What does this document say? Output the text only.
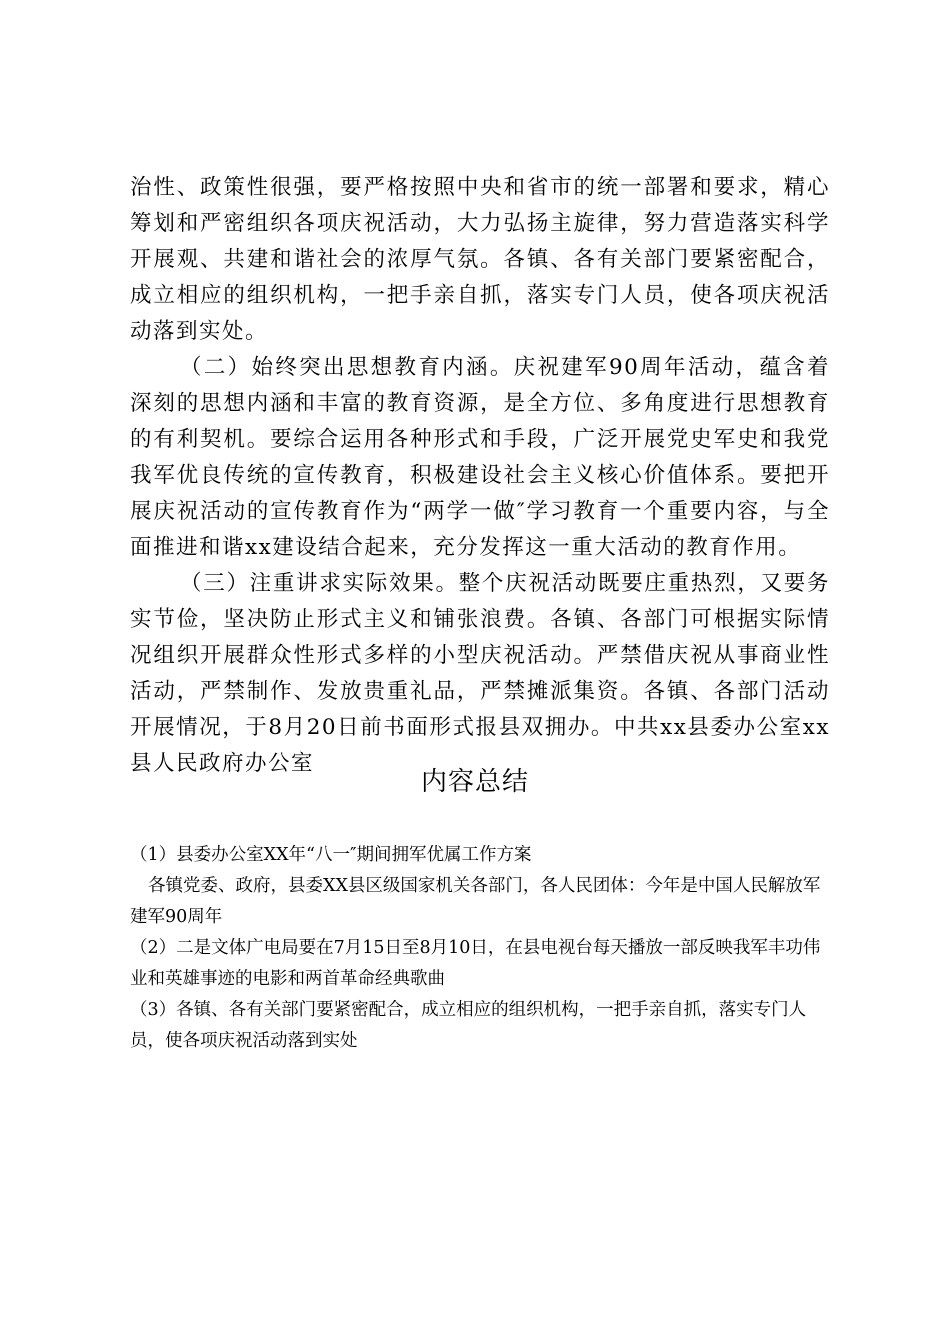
治性、政策性很强，要严格按照中央和省市的统一部署和要求，精心筹划和严密组织各项庆祝活动，大力弘扬主旋律，努力营造落实科学开展观、共建和谐社会的浓厚气氛。各镇、各有关部门要紧密配合，成立相应的组织机构，一把手亲自抓，落实专门人员，使各项庆祝活动落到实处。

（二）始终突出思想教育内涵。庆祝建军90周年活动，蕴含着深刻的思想内涵和丰富的教育资源，是全方位、多角度进行思想教育的有利契机。要综合运用各种形式和手段，广泛开展党史军史和我党我军优良传统的宣传教育，积极建设社会主义核心价值体系。要把开展庆祝活动的宣传教育作为“两学一做″学习教育一个重要内容，与全面推进和谐xx建设结合起来，充分发挥这一重大活动的教育作用。

（三）注重讲求实际效果。整个庆祝活动既要庄重热烈，又要务实节俭，坚决防止形式主义和铺张浪费。各镇、各部门可根据实际情况组织开展群众性形式多样的小型庆祝活动。严禁借庆祝从事商业性活动，严禁制作、发放贵重礼品，严禁摊派集资。各镇、各部门活动开展情况，于8月20日前书面形式报县双拥办。中共xx县委办公室xx县人民政府办公室

内容总结

（1）县委办公室XX年“八一″期间拥军优属工作方案

各镇党委、政府，县委XX县区级国家机关各部门，各人民团体：今年是中国人民解放军建军90周年

（2）二是文体广电局要在7月15日至8月10日，在县电视台每天播放一部反映我军丰功伟业和英雄事迹的电影和两首革命经典歌曲

（3）各镇、各有关部门要紧密配合，成立相应的组织机构，一把手亲自抓，落实专门人员，使各项庆祝活动落到实处
